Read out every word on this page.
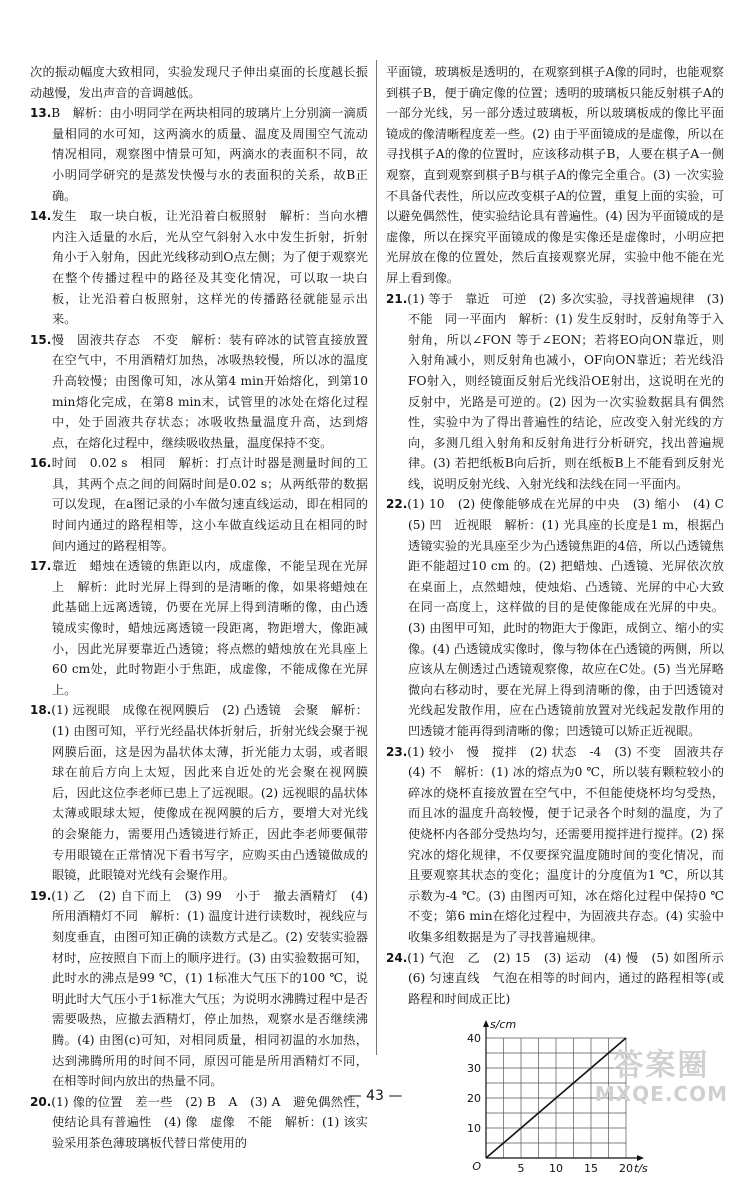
次的振动幅度大致相同，实验发现尺子伸出桌面的长度越长振动越慢，发出声音的音调越低。

13.B　解析：由小明同学在两块相同的玻璃片上分别滴一滴质量相同的水可知，这两滴水的质量、温度及周围空气流动情况相同，观察图中情景可知，两滴水的表面积不同，故小明同学研究的是蒸发快慢与水的表面积的关系，故B正确。

14.发生　取一块白板，让光沿着白板照射　解析：当向水槽内注入适量的水后，光从空气斜射入水中发生折射，折射角小于入射角，因此光线移动到O点左侧；为了便于观察光在整个传播过程中的路径及其变化情况，可以取一块白板，让光沿着白板照射，这样光的传播路径就能显示出来。

15.慢　固液共存态　不变　解析：装有碎冰的试管直接放置在空气中，不用酒精灯加热，冰吸热较慢，所以冰的温度升高较慢；由图像可知，冰从第4 min开始熔化，到第10 min熔化完成，在第8 min末，试管里的冰处在熔化过程中，处于固液共存状态；冰吸收热量温度升高，达到熔点，在熔化过程中，继续吸收热量，温度保持不变。

16.时间　0.02 s　相同　解析：打点计时器是测量时间的工具，其两个点之间的间隔时间是0.02 s；从两纸带的数据可以发现，在a图记录的小车做匀速直线运动，即在相同的时间内通过的路程相等，这小车做直线运动且在相同的时间内通过的路程相等。

17.靠近　蜡烛在透镜的焦距以内，成虚像，不能呈现在光屏上　解析：此时光屏上得到的是清晰的像，如果将蜡烛在此基础上远离透镜，仍要在光屏上得到清晰的像，由凸透镜成实像时，蜡烛远离透镜一段距离，物距增大，像距减小，因此光屏要靠近凸透镜；将点燃的蜡烛放在光具座上60 cm处，此时物距小于焦距，成虚像，不能成像在光屏上。

18.(1) 远视眼　成像在视网膜后　(2) 凸透镜　会聚　解析：(1) 由图可知，平行光经晶状体折射后，折射光线会聚于视网膜后面，这是因为晶状体太薄，折光能力太弱，或者眼球在前后方向上太短，因此来自近处的光会聚在视网膜后，因此这位李老师已患上了远视眼。(2) 远视眼的晶状体太薄或眼球太短，使像成在视网膜的后方，要增大对光线的会聚能力，需要用凸透镜进行矫正，因此李老师要佩带专用眼镜在正常情况下看书写字，应购买由凸透镜做成的眼镜，此眼镜对光线有会聚作用。

19.(1) 乙　(2) 自下而上　(3) 99　小于　撤去酒精灯　(4) 所用酒精灯不同　解析：(1) 温度计进行读数时，视线应与刻度垂直，由图可知正确的读数方式是乙。(2) 安装实验器材时，应按照自下而上的顺序进行。(3) 由实验数据可知，此时水的沸点是99 ℃，(1) 1标准大气压下的100 ℃，说明此时大气压小于1标准大气压；为说明水沸腾过程中是否需要吸热，应撤去酒精灯，停止加热，观察水是否继续沸腾。(4) 由图(c)可知，对相同质量，相同初温的水加热，达到沸腾所用的时间不同，原因可能是所用酒精灯不同，在相等时间内放出的热量不同。

20.(1) 像的位置　差一些　(2) B　A　(3) A　避免偶然性，使结论具有普遍性　(4) 像　虚像　不能　解析：(1) 该实验采用茶色薄玻璃板代替日常使用的

平面镜，玻璃板是透明的，在观察到棋子A像的同时，也能观察到棋子B，便于确定像的位置；透明的玻璃板只能反射棋子A的一部分光线，另一部分透过玻璃板，所以玻璃板成的像比平面镜成的像清晰程度差一些。(2) 由于平面镜成的是虚像，所以在寻找棋子A的像的位置时，应该移动棋子B，人要在棋子A一侧观察，直到观察到棋子B与棋子A的像完全重合。(3) 一次实验不具备代表性，所以应改变棋子A的位置，重复上面的实验，可以避免偶然性，使实验结论具有普遍性。(4) 因为平面镜成的是虚像，所以在探究平面镜成的像是实像还是虚像时，小明应把光屏放在像的位置处，然后直接观察光屏，实验中他不能在光屏上看到像。

21.(1) 等于　靠近　可逆　(2) 多次实验，寻找普遍规律　(3) 不能　同一平面内　解析：(1) 发生反射时，反射角等于入射角，所以∠FON 等于∠EON；若将EO向ON靠近，则入射角减小，则反射角也减小，OF向ON靠近；若光线沿FO射入，则经镜面反射后光线沿OE射出，这说明在光的反射中，光路是可逆的。(2) 因为一次实验数据具有偶然性，实验中为了得出普遍性的结论，应改变入射光线的方向，多测几组入射角和反射角进行分析研究，找出普遍规律。(3) 若把纸板B向后折，则在纸板B上不能看到反射光线，说明反射光线、入射光线和法线在同一平面内。

22.(1) 10　(2) 使像能够成在光屏的中央　(3) 缩小　(4) C　(5) 凹　近视眼　解析：(1) 光具座的长度是1 m，根据凸透镜实验的光具座至少为凸透镜焦距的4倍，所以凸透镜焦距不能超过10 cm 的。(2) 把蜡烛、凸透镜、光屏依次放在桌面上，点然蜡烛，使烛焰、凸透镜、光屏的中心大致在同一高度上，这样做的目的是使像能成在光屏的中央。(3) 由图甲可知，此时的物距大于像距，成倒立、缩小的实像。(4) 凸透镜成实像时，像与物体在凸透镜的两侧，所以应该从左侧透过凸透镜观察像，故应在C处。(5) 当光屏略微向右移动时，要在光屏上得到清晰的像，由于凹透镜对光线起发散作用，应在凸透镜前放置对光线起发散作用的凹透镜才能再得到清晰的像；凹透镜可以矫正近视眼。

23.(1) 较小　慢　搅拌　(2) 状态　-4　(3) 不变　固液共存　(4) 不　解析：(1) 冰的熔点为0 ℃，所以装有颗粒较小的碎冰的烧杯直接放置在空气中，不但能使烧杯均匀受热，而且冰的温度升高较慢，便于记录各个时刻的温度，为了使烧杯内各部分受热均匀，还需要用搅拌进行搅拌。(2) 探究冰的熔化规律，不仅要探究温度随时间的变化情况，而且要观察其状态的变化；温度计的分度值为1 ℃，所以其示数为-4 ℃。(3) 由图丙可知，冰在熔化过程中保持0 ℃不变；第6 min在熔化过程中，为固液共存态。(4) 实验中收集多组数据是为了寻找普遍规律。

24.(1) 气泡　乙　(2) 15　(3) 运动　(4) 慢　(5) 如图所示　(6) 匀速直线　气泡在相等的时间内，通过的路程相等(或路程和时间成正比)

5 10 15 20
10
20
30
40
O	t/s
s/cm
— 43 —
答案圈
MXQE.COM
